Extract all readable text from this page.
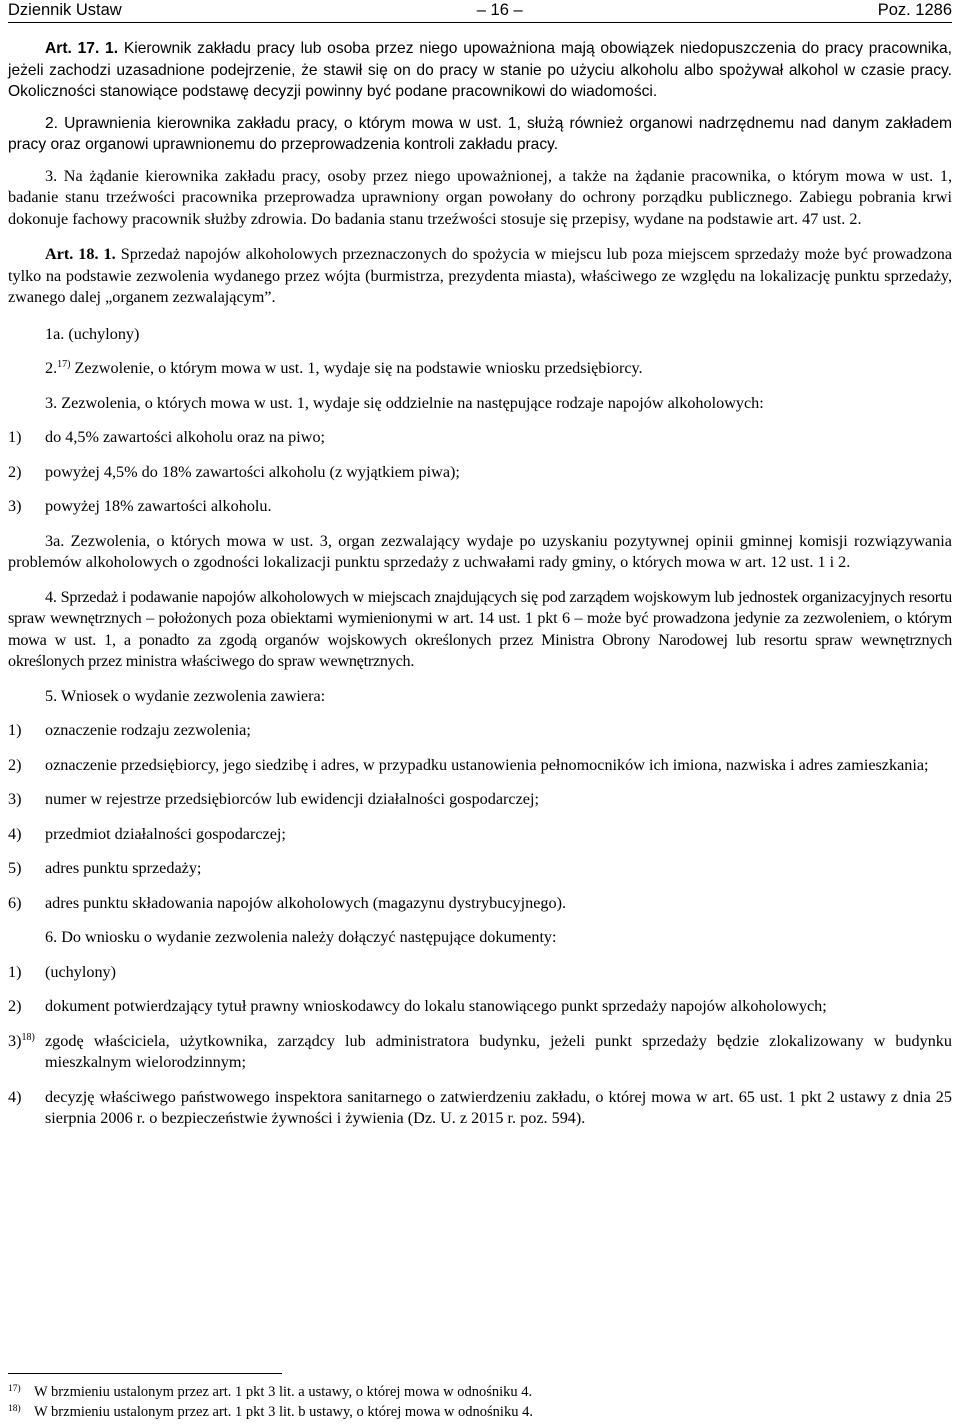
Dziennik Ustaw	– 16 –	Poz. 1286

Art. 17. 1. Kierownik zakładu pracy lub osoba przez niego upoważniona mają obowiązek niedopuszczenia do pracy pracownika, jeżeli zachodzi uzasadnione podejrzenie, że stawił się on do pracy w stanie po użyciu alkoholu albo spożywał alkohol w czasie pracy. Okoliczności stanowiące podstawę decyzji powinny być podane pracownikowi do wiadomości.

2. Uprawnienia kierownika zakładu pracy, o którym mowa w ust. 1, służą również organowi nadrzędnemu nad danym zakładem pracy oraz organowi uprawnionemu do przeprowadzenia kontroli zakładu pracy.

3. Na żądanie kierownika zakładu pracy, osoby przez niego upoważnionej, a także na żądanie pracownika, o którym mowa w ust. 1, badanie stanu trzeźwości pracownika przeprowadza uprawniony organ powołany do ochrony porządku publicznego. Zabiegu pobrania krwi dokonuje fachowy pracownik służby zdrowia. Do badania stanu trzeźwości stosuje się przepisy, wydane na podstawie art. 47 ust. 2.

Art. 18. 1. Sprzedaż napojów alkoholowych przeznaczonych do spożycia w miejscu lub poza miejscem sprzedaży może być prowadzona tylko na podstawie zezwolenia wydanego przez wójta (burmistrza, prezydenta miasta), właściwego ze względu na lokalizację punktu sprzedaży, zwanego dalej „organem zezwalającym”.

1a. (uchylony)

2.$^{17)}$ Zezwolenie, o którym mowa w ust. 1, wydaje się na podstawie wniosku przedsiębiorcy.

3. Zezwolenia, o których mowa w ust. 1, wydaje się oddzielnie na następujące rodzaje napojów alkoholowych:

1)	do 4,5% zawartości alkoholu oraz na piwo;
2)	powyżej 4,5% do 18% zawartości alkoholu (z wyjątkiem piwa);
3)	powyżej 18% zawartości alkoholu.

3a. Zezwolenia, o których mowa w ust. 3, organ zezwalający wydaje po uzyskaniu pozytywnej opinii gminnej komisji rozwiązywania problemów alkoholowych o zgodności lokalizacji punktu sprzedaży z uchwałami rady gminy, o których mowa w art. 12 ust. 1 i 2.

4. Sprzedaż i podawanie napojów alkoholowych w miejscach znajdujących się pod zarządem wojskowym lub jednostek organizacyjnych resortu spraw wewnętrznych – położonych poza obiektami wymienionymi w art. 14 ust. 1 pkt 6 – może być prowadzona jedynie za zezwoleniem, o którym mowa w ust. 1, a ponadto za zgodą organów wojskowych określonych przez Ministra Obrony Narodowej lub resortu spraw wewnętrznych określonych przez ministra właściwego do spraw wewnętrznych.

5. Wniosek o wydanie zezwolenia zawiera:

1)	oznaczenie rodzaju zezwolenia;
2)	oznaczenie przedsiębiorcy, jego siedzibę i adres, w przypadku ustanowienia pełnomocników ich imiona, nazwiska i adres zamieszkania;
3)	numer w rejestrze przedsiębiorców lub ewidencji działalności gospodarczej;
4)	przedmiot działalności gospodarczej;
5)	adres punktu sprzedaży;
6)	adres punktu składowania napojów alkoholowych (magazynu dystrybucyjnego).

6. Do wniosku o wydanie zezwolenia należy dołączyć następujące dokumenty:

1)	(uchylony)
2)	dokument potwierdzający tytuł prawny wnioskodawcy do lokalu stanowiącego punkt sprzedaży napojów alkoholowych;
3)$^{18)}$ zgodę właściciela, użytkownika, zarządcy lub administratora budynku, jeżeli punkt sprzedaży będzie zlokalizowany w budynku mieszkalnym wielorodzinnym;
4)	decyzję właściwego państwowego inspektora sanitarnego o zatwierdzeniu zakładu, o której mowa w art. 65 ust. 1 pkt 2 ustawy z dnia 25 sierpnia 2006 r. o bezpieczeństwie żywności i żywienia (Dz. U. z 2015 r. poz. 594).
$^{17)}$ W brzmieniu ustalonym przez art. 1 pkt 3 lit. a ustawy, o której mowa w odnośniku 4.
$^{18)}$ W brzmieniu ustalonym przez art. 1 pkt 3 lit. b ustawy, o której mowa w odnośniku 4.
